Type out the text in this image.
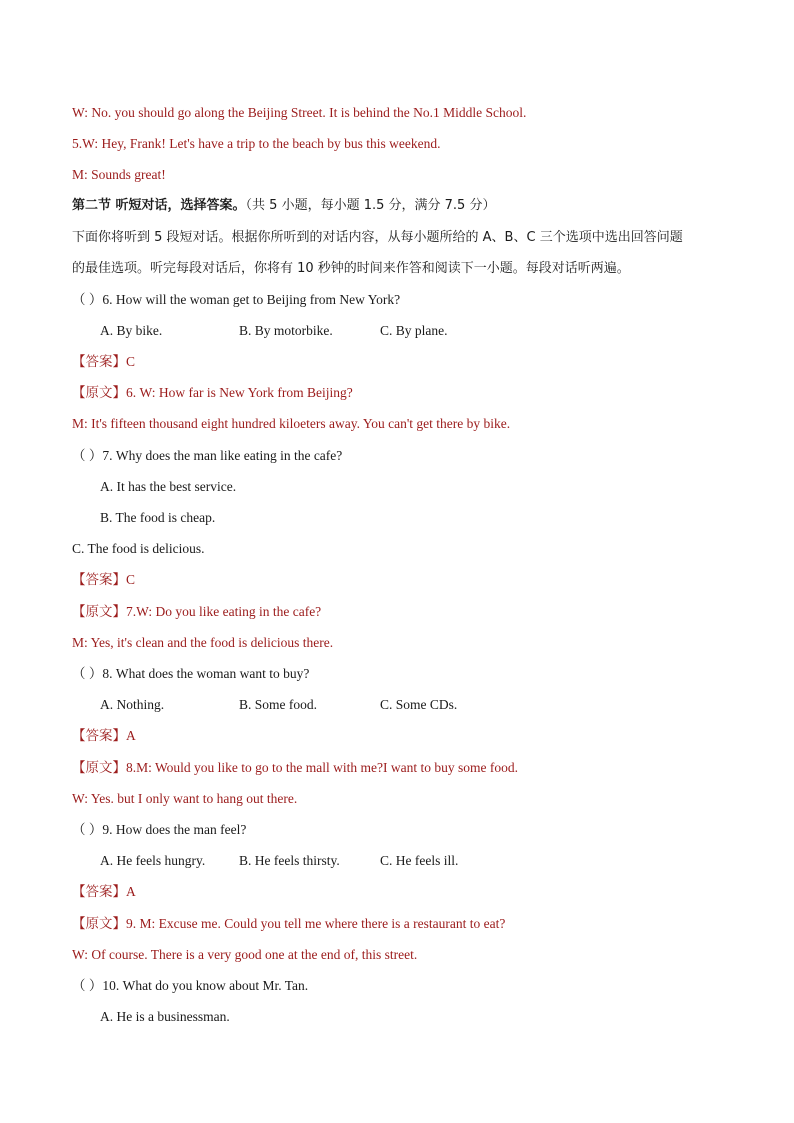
W: No. you should go along the Beijing Street. It is behind the No.1 Middle School.
5.W: Hey, Frank! Let's have a trip to the beach by bus this weekend.
M: Sounds great!
第二节 听短对话，选择答案。（共 5 小题，每小题 1.5 分，满分 7.5 分）
下面你将听到 5 段短对话。根据你所听到的对话内容，从每小题所给的 A、B、C 三个选项中选出回答问题
的最佳选项。听完每段对话后，你将有 10 秒钟的时间来作答和阅读下一小题。每段对话听两遍。
（ ）6. How will the woman get to Beijing from New York?
A. By bike.	B. By motorbike.	C. By plane.
【答案】C
【原文】6. W: How far is New York from Beijing?
M: It's fifteen thousand eight hundred kiloeters away. You can't get there by bike.
（ ）7. Why does the man like eating in the cafe?
A. It has the best service.
B. The food is cheap.
C. The food is delicious.
【答案】C
【原文】7.W: Do you like eating in the cafe?
M: Yes, it's clean and the food is delicious there.
（ ）8. What does the woman want to buy?
A. Nothing.	B. Some food.	C. Some CDs.
【答案】A
【原文】8.M: Would you like to go to the mall with me?I want to buy some food.
W: Yes. but I only want to hang out there.
（ ）9. How does the man feel?
A. He feels hungry.	B. He feels thirsty.	C. He feels ill.
【答案】A
【原文】9. M: Excuse me. Could you tell me where there is a restaurant to eat?
W: Of course. There is a very good one at the end of, this street.
（ ）10. What do you know about Mr. Tan.
A. He is a businessman.
